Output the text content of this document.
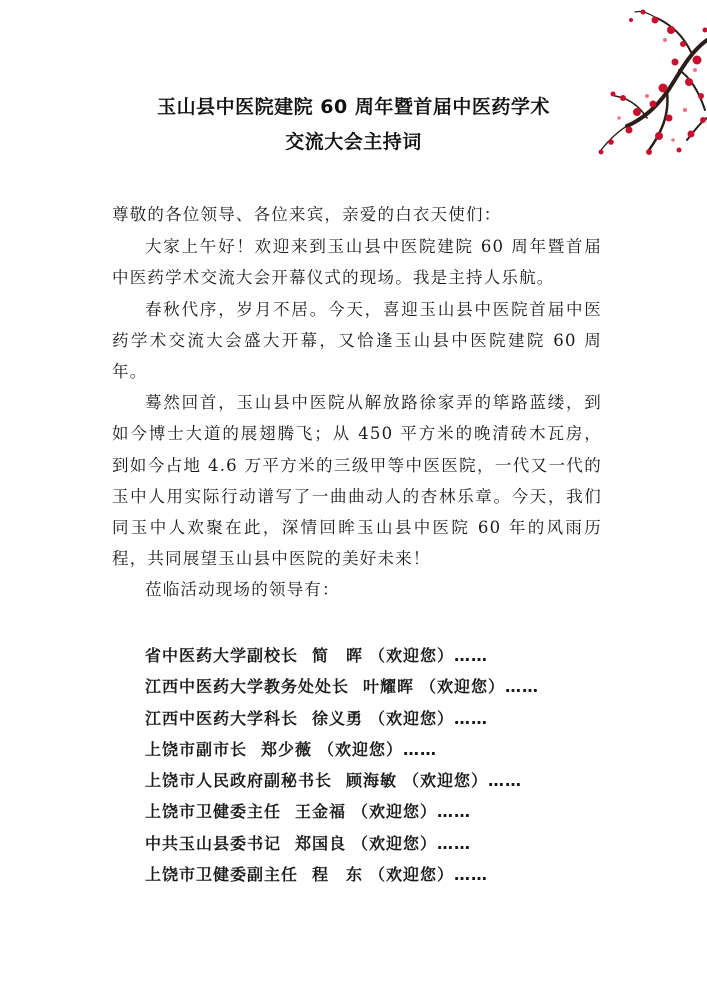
玉山县中医院建院 60 周年暨首届中医药学术
交流大会主持词

尊敬的各位领导、各位来宾，亲爱的白衣天使们：

大家上午好！欢迎来到玉山县中医院建院 60 周年暨首届中医药学术交流大会开幕仪式的现场。我是主持人乐航。

春秋代序，岁月不居。今天，喜迎玉山县中医院首届中医药学术交流大会盛大开幕，又恰逢玉山县中医院建院 60 周年。

蓦然回首，玉山县中医院从解放路徐家弄的筚路蓝缕，到如今博士大道的展翅腾飞；从 450 平方米的晚清砖木瓦房，到如今占地 4.6 万平方米的三级甲等中医医院，一代又一代的玉中人用实际行动谱写了一曲曲动人的杏林乐章。今天，我们同玉中人欢聚在此，深情回眸玉山县中医院 60 年的风雨历程，共同展望玉山县中医院的美好未来！

莅临活动现场的领导有：

省中医药大学副校长 简　晖 （欢迎您）……
江西中医药大学教务处处长 叶耀晖 （欢迎您）……
江西中医药大学科长 徐义勇 （欢迎您）……
上饶市副市长 郑少薇 （欢迎您）……
上饶市人民政府副秘书长 顾海敏 （欢迎您）……
上饶市卫健委主任 王金福 （欢迎您）……
中共玉山县委书记 郑国良 （欢迎您）……
上饶市卫健委副主任 程　东 （欢迎您）……
